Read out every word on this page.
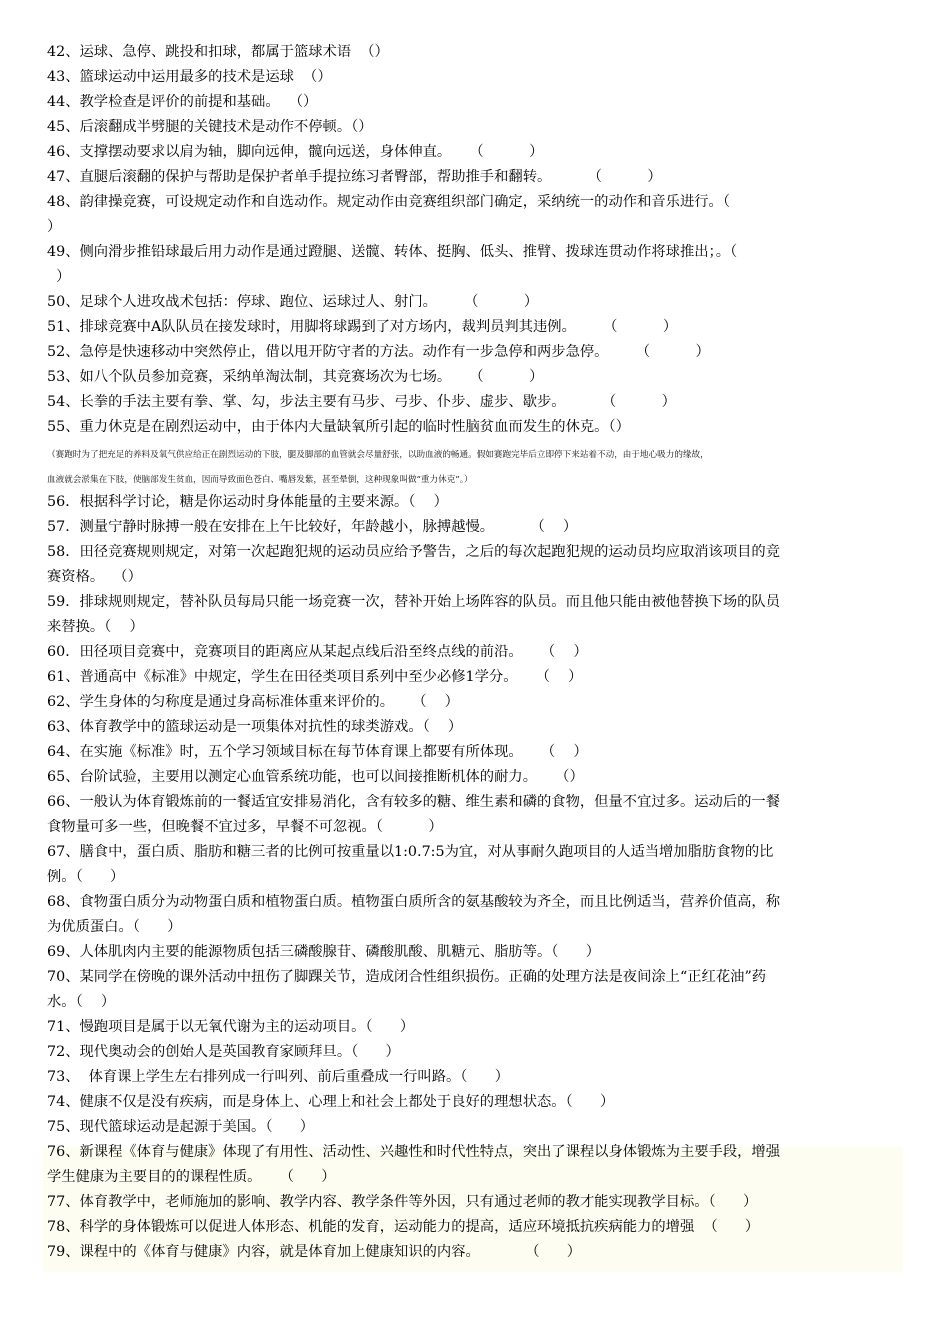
42、运球、急停、跳投和扣球，都属于篮球术语  （）
43、篮球运动中运用最多的技术是运球  （）
44、教学检查是评价的前提和基础。  （）
45、后滚翻成半劈腿的关键技术是动作不停顿。（）
46、支撑摆动要求以肩为轴，脚向远伸，髋向远送，身体伸直。    （          ）
47、直腿后滚翻的保护与帮助是保护者单手提拉练习者臀部，帮助推手和翻转。        （          ）
48、韵律操竞赛，可设规定动作和自选动作。规定动作由竞赛组织部门确定，采纳统一的动作和音乐进行。（
）
49、侧向滑步推铅球最后用力动作是通过蹬腿、送髋、转体、挺胸、低头、推臂、拨球连贯动作将球推出；。（
）
50、足球个人进攻战术包括：停球、跑位、运球过人、射门。      （          ）
51、排球竞赛中A队队员在接发球时，用脚将球踢到了对方场内，裁判员判其违例。      （          ）
52、急停是快速移动中突然停止，借以甩开防守者的方法。动作有一步急停和两步急停。      （          ）
53、如八个队员参加竞赛，采纳单淘汰制，其竞赛场次为七场。    （          ）
54、长拳的手法主要有拳、掌、勾，步法主要有马步、弓步、仆步、虚步、歇步。        （          ）
55、重力休克是在剧烈运动中，由于体内大量缺氧所引起的临时性脑贫血而发生的休克。（）
56．根据科学讨论，糖是你运动时身体能量的主要来源。（    ）
57．测量宁静时脉搏一般在安排在上午比较好，年龄越小，脉搏越慢。        （    ）
58．田径竞赛规则规定，对第一次起跑犯规的运动员应给予警告，之后的每次起跑犯规的运动员均应取消该项目的竞
赛资格。  （）
59．排球规则规定，替补队员每局只能一场竞赛一次，替补开始上场阵容的队员。而且他只能由被他替换下场的队员
来替换。（    ）
60．田径项目竞赛中，竞赛项目的距离应从某起点线后沿至终点线的前沿。    （    ）
61、普通高中《标准》中规定，学生在田径类项目系列中至少必修1学分。    （    ）
62、学生身体的匀称度是通过身高标准体重来评价的。    （    ）
63、体育教学中的篮球运动是一项集体对抗性的球类游戏。（    ）
64、在实施《标准》时，五个学习领域目标在每节体育课上都要有所体现。    （    ）
65、台阶试验，主要用以测定心血管系统功能，也可以间接推断机体的耐力。    （）
66、一般认为体育锻炼前的一餐适宜安排易消化，含有较多的糖、维生素和磷的食物，但量不宜过多。运动后的一餐
食物量可多一些，但晚餐不宜过多，早餐不可忽视。（          ）
67、膳食中，蛋白质、脂肪和糖三者的比例可按重量以1:0.7:5为宜，对从事耐久跑项目的人适当增加脂肪食物的比
例。（      ）
68、食物蛋白质分为动物蛋白质和植物蛋白质。植物蛋白质所含的氨基酸较为齐全，而且比例适当，营养价值高，称
为优质蛋白。（      ）
69、人体肌肉内主要的能源物质包括三磷酸腺苷、磷酸肌酸、肌糖元、脂肪等。（      ）
70、某同学在傍晚的课外活动中扭伤了脚踝关节，造成闭合性组织损伤。正确的处理方法是夜间涂上“正红花油”药
水。（    ）
71、慢跑项目是属于以无氧代谢为主的运动项目。（      ）
72、现代奥动会的创始人是英国教育家顾拜旦。（      ）
73、  体育课上学生左右排列成一行叫列、前后重叠成一行叫路。（      ）
74、健康不仅是没有疾病，而是身体上、心理上和社会上都处于良好的理想状态。（      ）
75、现代篮球运动是起源于美国。（      ）
76、新课程《体育与健康》体现了有用性、活动性、兴趣性和时代性特点，突出了课程以身体锻炼为主要手段，增强
学生健康为主要目的的课程性质。    （      ）
77、体育教学中，老师施加的影响、教学内容、教学条件等外因，只有通过老师的教才能实现教学目标。（      ）
78、科学的身体锻炼可以促进人体形态、机能的发育，运动能力的提高，适应环境抵抗疾病能力的增强  （      ）
79、课程中的《体育与健康》内容，就是体育加上健康知识的内容。          （      ）
（赛跑时为了把充足的养料及氧气供应给正在剧烈运动的下肢，腿及脚部的血管就会尽量舒张，以助血液的畅通。假如赛跑完毕后立即停下来站着不动，由于地心吸力的缘故，
血液就会淤集在下肢，使脑部发生贫血，因而导致面色苍白、嘴唇发紫，甚至晕倒，这种现象叫做“重力休克”。）
